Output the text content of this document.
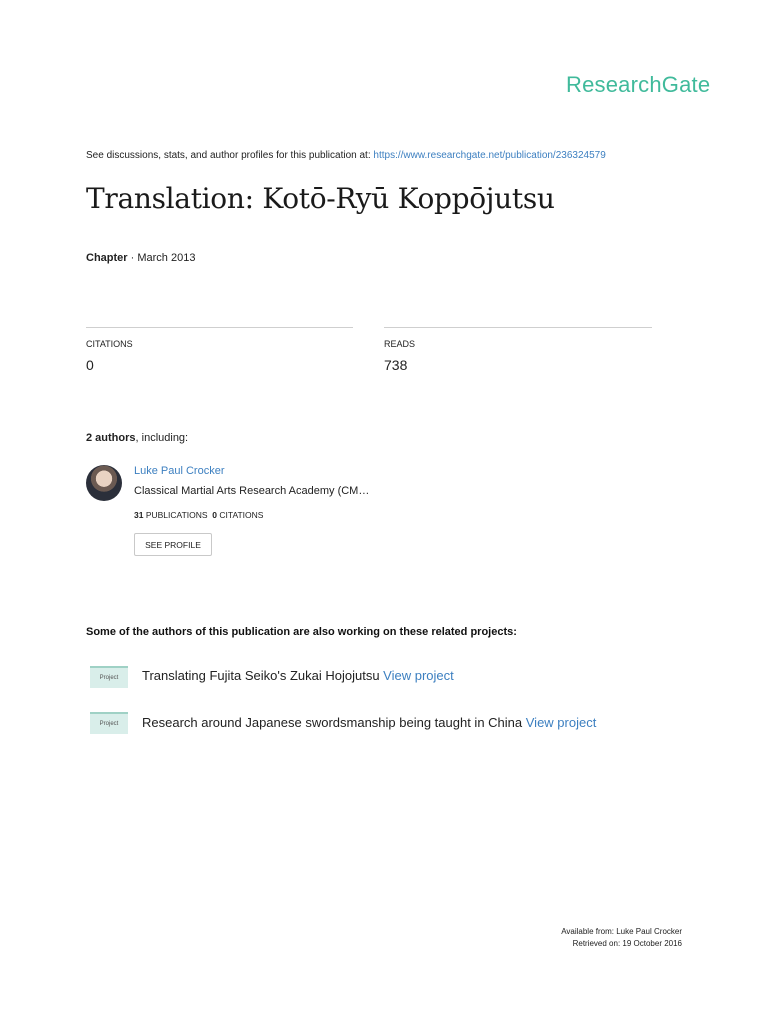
ResearchGate
See discussions, stats, and author profiles for this publication at: https://www.researchgate.net/publication/236324579
Translation: Kotō-Ryū Koppōjutsu
Chapter · March 2013
CITATIONS
0
READS
738
2 authors, including:
Luke Paul Crocker
Classical Martial Arts Research Academy (CM…
31 PUBLICATIONS 0 CITATIONS
SEE PROFILE
Some of the authors of this publication are also working on these related projects:
Project Translating Fujita Seiko's Zukai Hojojutsu View project
Project Research around Japanese swordsmanship being taught in China View project
Available from: Luke Paul Crocker
Retrieved on: 19 October 2016
